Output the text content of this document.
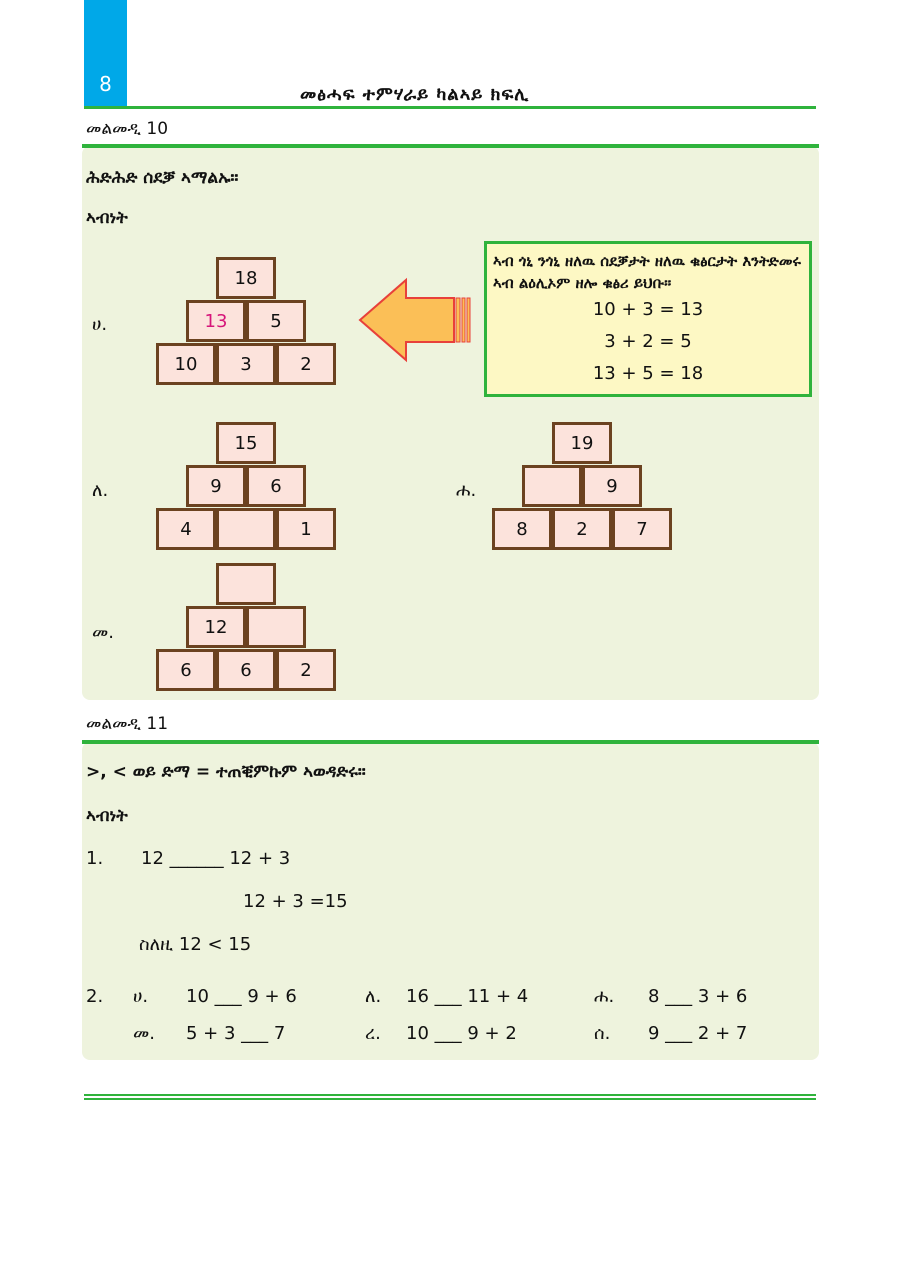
8	መፅሓፍ ተምሃራይ ካልኣይ ክፍሊ
መልመዲ 10
ሕድሕድ ሰደቓ ኣማልኡ።
ኣብነት
ሀ.
18
13	5
10	3	2
ኣብ ጎኒ ንጎኒ ዘለዉ ሰደቓታት ዘለዉ ቁፅርታት እንትድመሩ ኣብ ልዕሊኦም ዘሎ ቁፅሪ ይህቡ።
10 + 3 = 13
3 + 2 = 5
13 + 5 = 18
ለ.
15
9	6
4	1
ሐ.
19
9
8	2	7
መ.	12
6	6	2
መልመዲ 11
>, < ወይ ድማ = ተጠቒምኩም ኣወዳድሩ።
ኣብነት
1. 12 ______ 12 + 3
12 + 3 =15
ስለዚ 12 < 15
2. ሀ. 10 ___ 9 + 6	ለ. 16 ___ 11 + 4	ሐ. 8 ___ 3 + 6
መ. 5 + 3 ___ 7	ረ. 10 ___ 9 + 2	ሰ. 9 ___ 2 + 7
